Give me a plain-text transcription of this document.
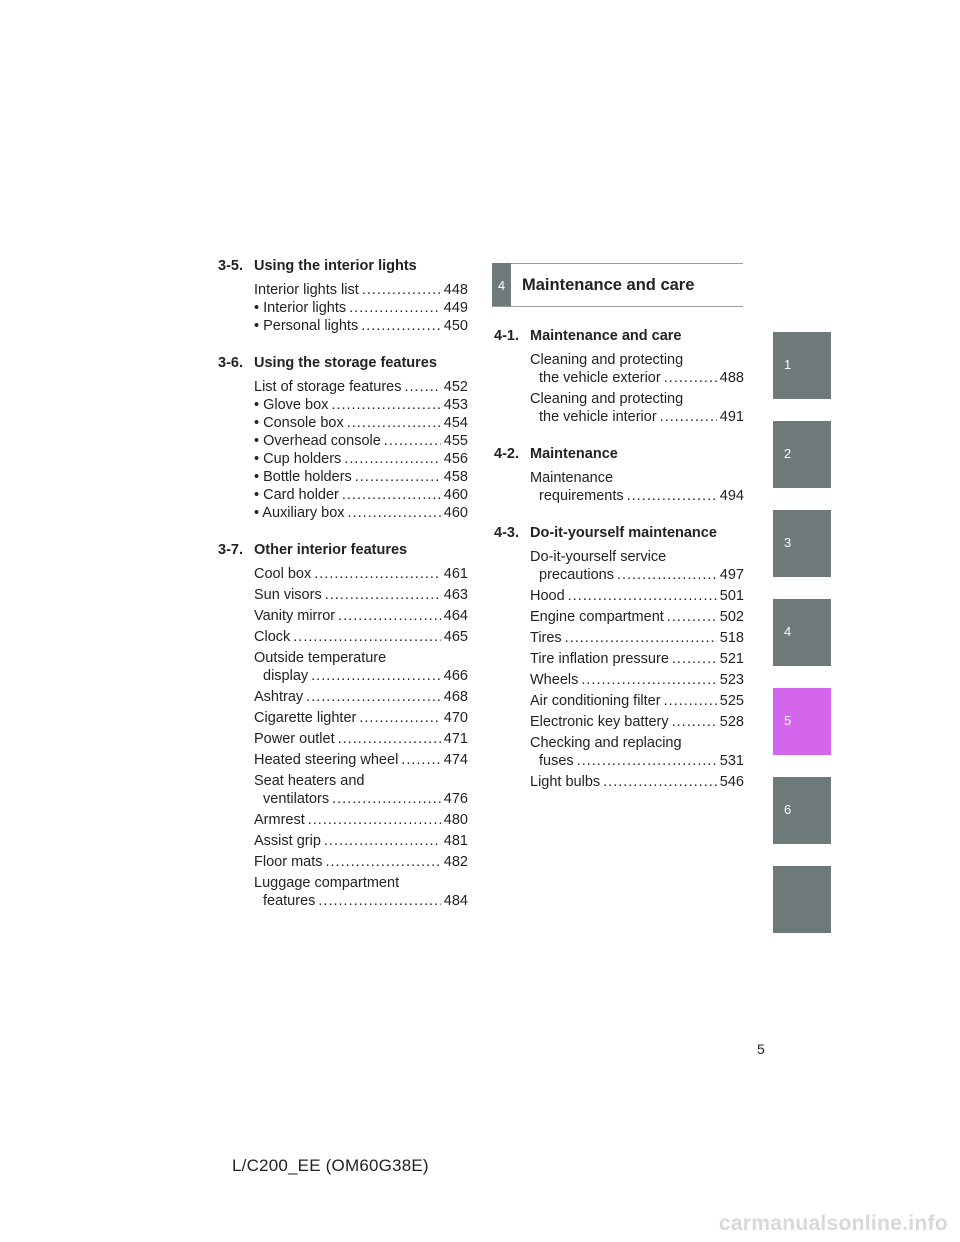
3-5. Using the interior lights
Interior lights list .....	448
• Interior lights .....	449
• Personal lights .....	450
3-6. Using the storage features
List of storage features .....	452
• Glove box .....	453
• Console box .....	454
• Overhead console .....	455
• Cup holders .....	456
• Bottle holders .....	458
• Card holder .....	460
• Auxiliary box .....	460
3-7. Other interior features
Cool box .....	461
Sun visors .....	463
Vanity mirror .....	464
Clock .....	465
Outside temperature
display .....	466
Ashtray .....	468
Cigarette lighter .....	470
Power outlet .....	471
Heated steering wheel .....	474
Seat heaters and
ventilators .....	476
Armrest .....	480
Assist grip .....	481
Floor mats .....	482
Luggage compartment
features .....	484
4	Maintenance and care
4-1. Maintenance and care
Cleaning and protecting
the vehicle exterior .....	488
Cleaning and protecting
the vehicle interior .....	491
4-2. Maintenance
Maintenance
requirements .....	494
4-3. Do-it-yourself maintenance
Do-it-yourself service
precautions .....	497
Hood .....	501
Engine compartment .....	502
Tires .....	518
Tire inflation pressure .....	521
Wheels .....	523
Air conditioning filter .....	525
Electronic key battery .....	528
Checking and replacing
fuses .....	531
Light bulbs .....	546
1
2
3
4
5
6
5
L/C200_EE (OM60G38E)
carmanualsonline.info
